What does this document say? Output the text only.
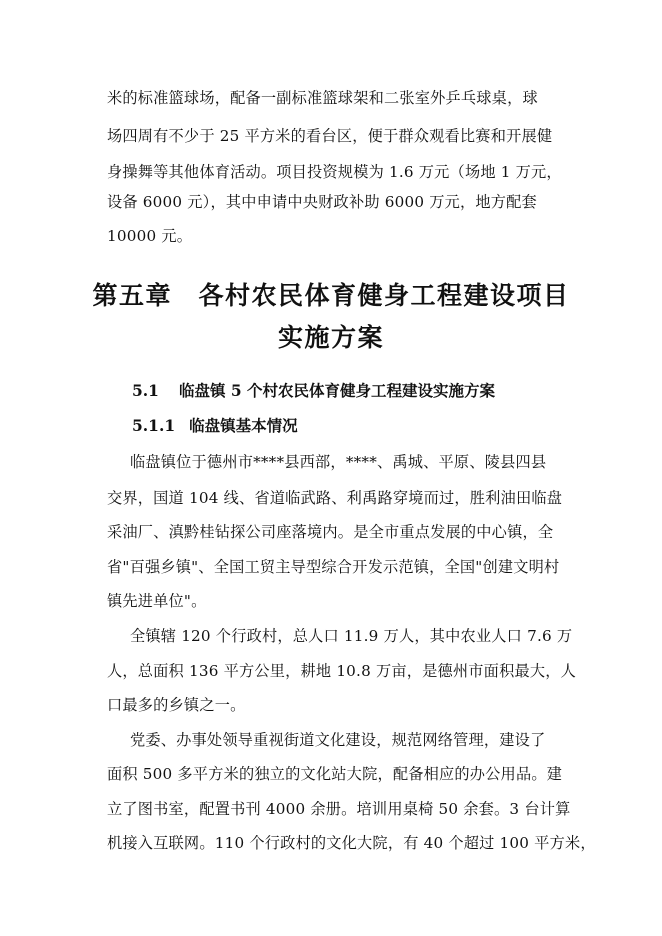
米的标准篮球场，配备一副标准篮球架和二张室外乒乓球桌，球

场四周有不少于 25 平方米的看台区，便于群众观看比赛和开展健

身操舞等其他体育活动。项目投资规模为 1.6 万元（场地 1 万元，

设备 6000 元），其中申请中央财政补助 6000 万元，地方配套

10000 元。

第五章　各村农民体育健身工程建设项目
实施方案
5.1 临盘镇 5 个村农民体育健身工程建设实施方案
5.1.1 临盘镇基本情况

临盘镇位于德州市****县西部，****、禹城、平原、陵县四县

交界，国道 104 线、省道临武路、利禹路穿境而过，胜利油田临盘

采油厂、滇黔桂钻探公司座落境内。是全市重点发展的中心镇，全

省"百强乡镇"、全国工贸主导型综合开发示范镇，全国"创建文明村

镇先进单位"。

全镇辖 120 个行政村，总人口 11.9 万人，其中农业人口 7.6 万

人，总面积 136 平方公里，耕地 10.8 万亩，是德州市面积最大，人

口最多的乡镇之一。

党委、办事处领导重视街道文化建设，规范网络管理，建设了

面积 500 多平方米的独立的文化站大院，配备相应的办公用品。建

立了图书室，配置书刊 4000 余册。培训用桌椅 50 余套。3 台计算

机接入互联网。110 个行政村的文化大院，有 40 个超过 100 平方米，
